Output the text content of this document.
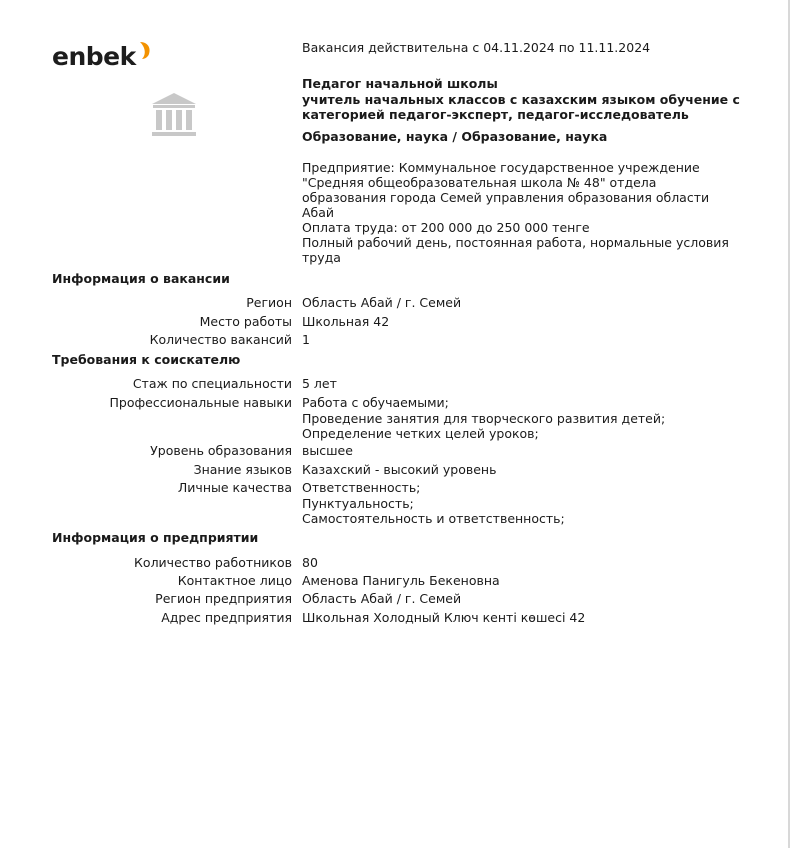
enbek	Вакансия действительна с 04.11.2024 по 11.11.2024
Педагог начальной школы
учитель начальных классов с казахским языком обучение с
категорией педагог-эксперт, педагог-исследователь
Образование, наука / Образование, наука
Предприятие: Коммунальное государственное учреждение
"Средняя общеобразовательная школа № 48" отдела
образования города Семей управления образования области
Абай
Оплата труда: от 200 000 до 250 000 тенге
Полный рабочий день, постоянная работа, нормальные условия
труда
Информация о вакансии
Регион Область Абай / г. Семей
Место работы Школьная 42
Количество вакансий 1
Требования к соискателю
Стаж по специальности 5 лет
Профессиональные навыки Работа с обучаемыми;
Проведение занятия для творческого развития детей;
Определение четких целей уроков;
Уровень образования высшее
Знание языков Казахский - высокий уровень
Личные качества Ответственность;
Пунктуальность;
Самостоятельность и ответственность;
Информация о предприятии
Количество работников 80
Контактное лицо Аменова Панигуль Бекеновна
Регион предприятия Область Абай / г. Семей
Адрес предприятия Школьная Холодный Ключ кенті көшесі 42
